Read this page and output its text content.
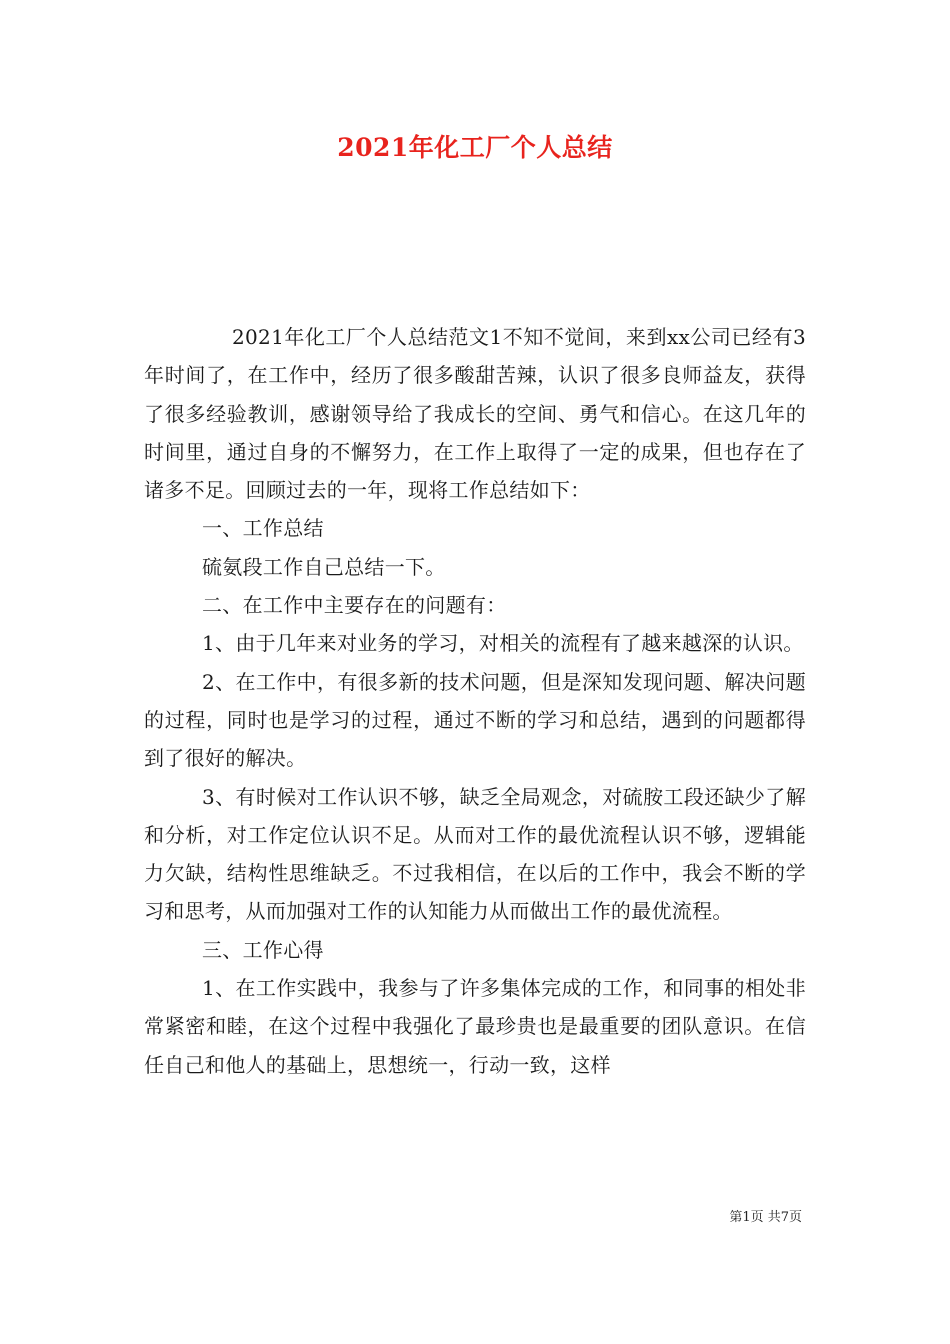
2021年化工厂个人总结

2021年化工厂个人总结范文1不知不觉间，来到xx公司已经有3年时间了，在工作中，经历了很多酸甜苦辣，认识了很多良师益友，获得了很多经验教训，感谢领导给了我成长的空间、勇气和信心。在这几年的时间里，通过自身的不懈努力，在工作上取得了一定的成果，但也存在了诸多不足。回顾过去的一年，现将工作总结如下：

一、工作总结

硫氨段工作自己总结一下。

二、在工作中主要存在的问题有：

1、由于几年来对业务的学习，对相关的流程有了越来越深的认识。

2、在工作中，有很多新的技术问题，但是深知发现问题、解决问题的过程，同时也是学习的过程，通过不断的学习和总结，遇到的问题都得到了很好的解决。

3、有时候对工作认识不够，缺乏全局观念，对硫胺工段还缺少了解和分析，对工作定位认识不足。从而对工作的最优流程认识不够，逻辑能力欠缺，结构性思维缺乏。不过我相信，在以后的工作中，我会不断的学习和思考，从而加强对工作的认知能力从而做出工作的最优流程。

三、工作心得

1、在工作实践中，我参与了许多集体完成的工作，和同事的相处非常紧密和睦，在这个过程中我强化了最珍贵也是最重要的团队意识。在信任自己和他人的基础上，思想统一，行动一致，这样

第1页 共7页
